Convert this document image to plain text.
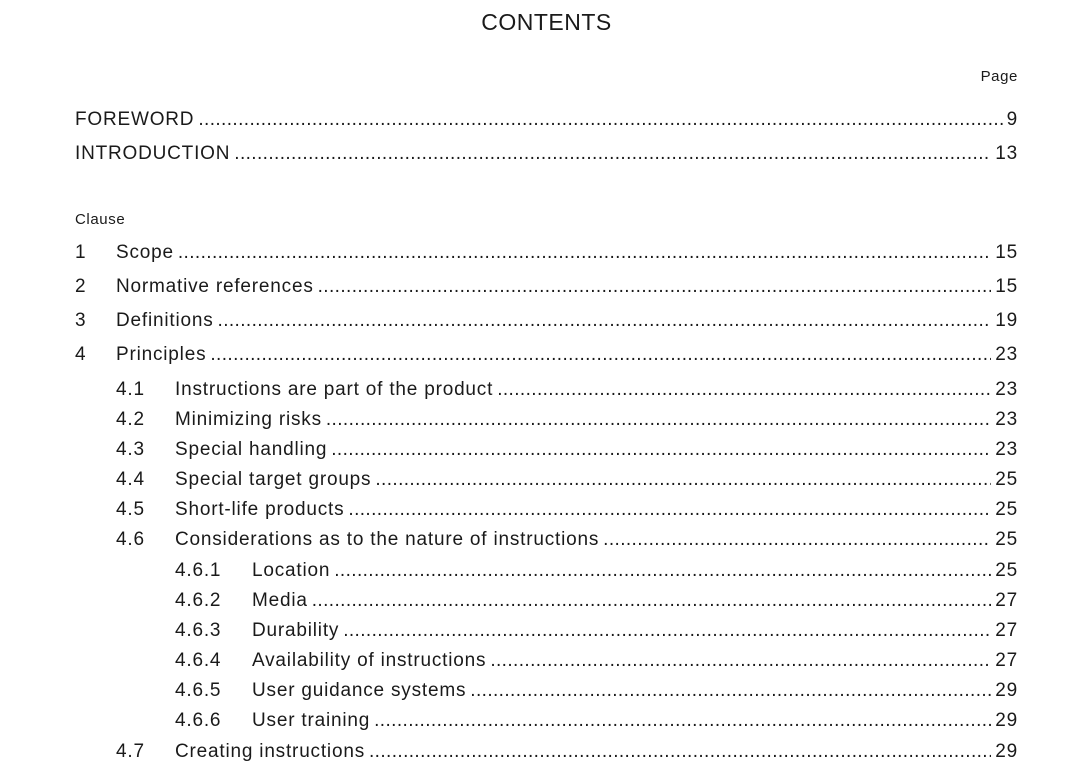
CONTENTS
Page
FOREWORD .....	9
INTRODUCTION .....	13
Clause
1	Scope .....	15
2	Normative references .....	15
3	Definitions .....	19
4	Principles .....	23
4.1	Instructions are part of the product .....	23
4.2	Minimizing risks .....	23
4.3	Special handling .....	23
4.4	Special target groups .....	25
4.5	Short-life products .....	25
4.6	Considerations as to the nature of instructions .....	25
4.6.1	Location .....	25
4.6.2	Media .....	27
4.6.3	Durability .....	27
4.6.4	Availability of instructions .....	27
4.6.5	User guidance systems .....	29
4.6.6	User training .....	29
4.7	Creating instructions .....	29
